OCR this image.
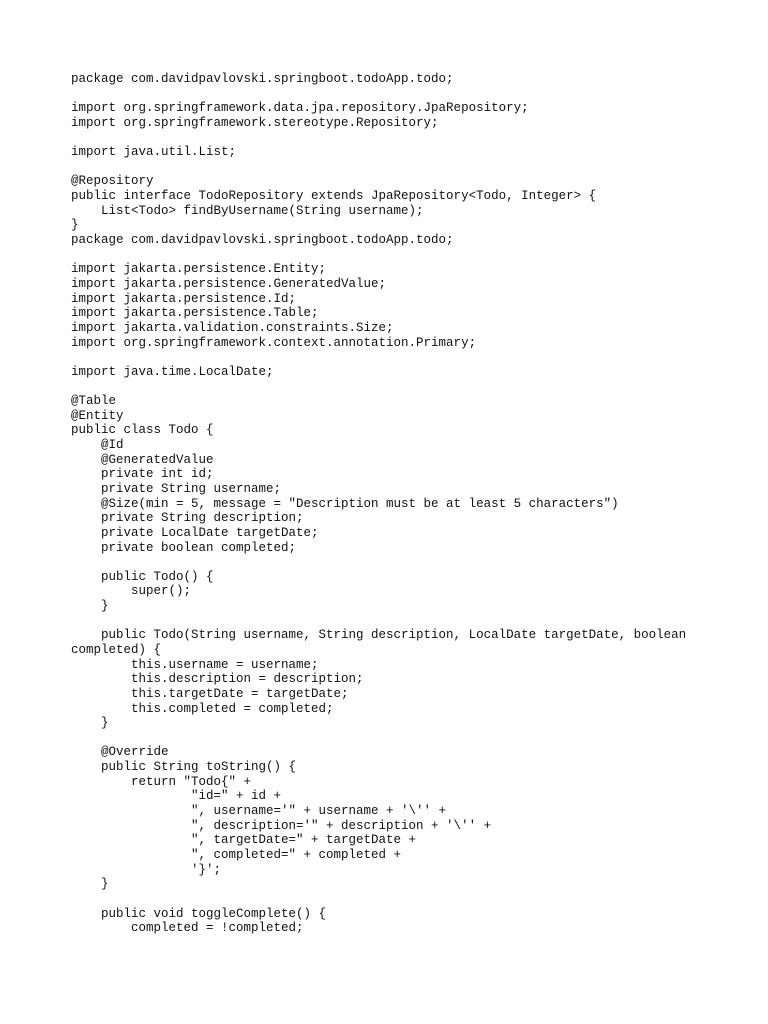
package com.davidpavlovski.springboot.todoApp.todo;
import org.springframework.data.jpa.repository.JpaRepository;
import org.springframework.stereotype.Repository;
import java.util.List;
@Repository
public interface TodoRepository extends JpaRepository<Todo, Integer> {
List<Todo> findByUsername(String username);
}
package com.davidpavlovski.springboot.todoApp.todo;
import jakarta.persistence.Entity;
import jakarta.persistence.GeneratedValue;
import jakarta.persistence.Id;
import jakarta.persistence.Table;
import jakarta.validation.constraints.Size;
import org.springframework.context.annotation.Primary;
import java.time.LocalDate;
@Table
@Entity
public class Todo {
@Id
@GeneratedValue
private int id;
private String username;
@Size(min = 5, message = "Description must be at least 5 characters")
private String description;
private LocalDate targetDate;
private boolean completed;
public Todo() {
super();
}
public Todo(String username, String description, LocalDate targetDate, boolean
completed) {
this.username = username;
this.description = description;
this.targetDate = targetDate;
this.completed = completed;
}
@Override
public String toString() {
return "Todo{" +
"id=" + id +
", username='" + username + '\'' +
", description='" + description + '\'' +
", targetDate=" + targetDate +
", completed=" + completed +
'}';
}
public void toggleComplete() {
completed = !completed;
